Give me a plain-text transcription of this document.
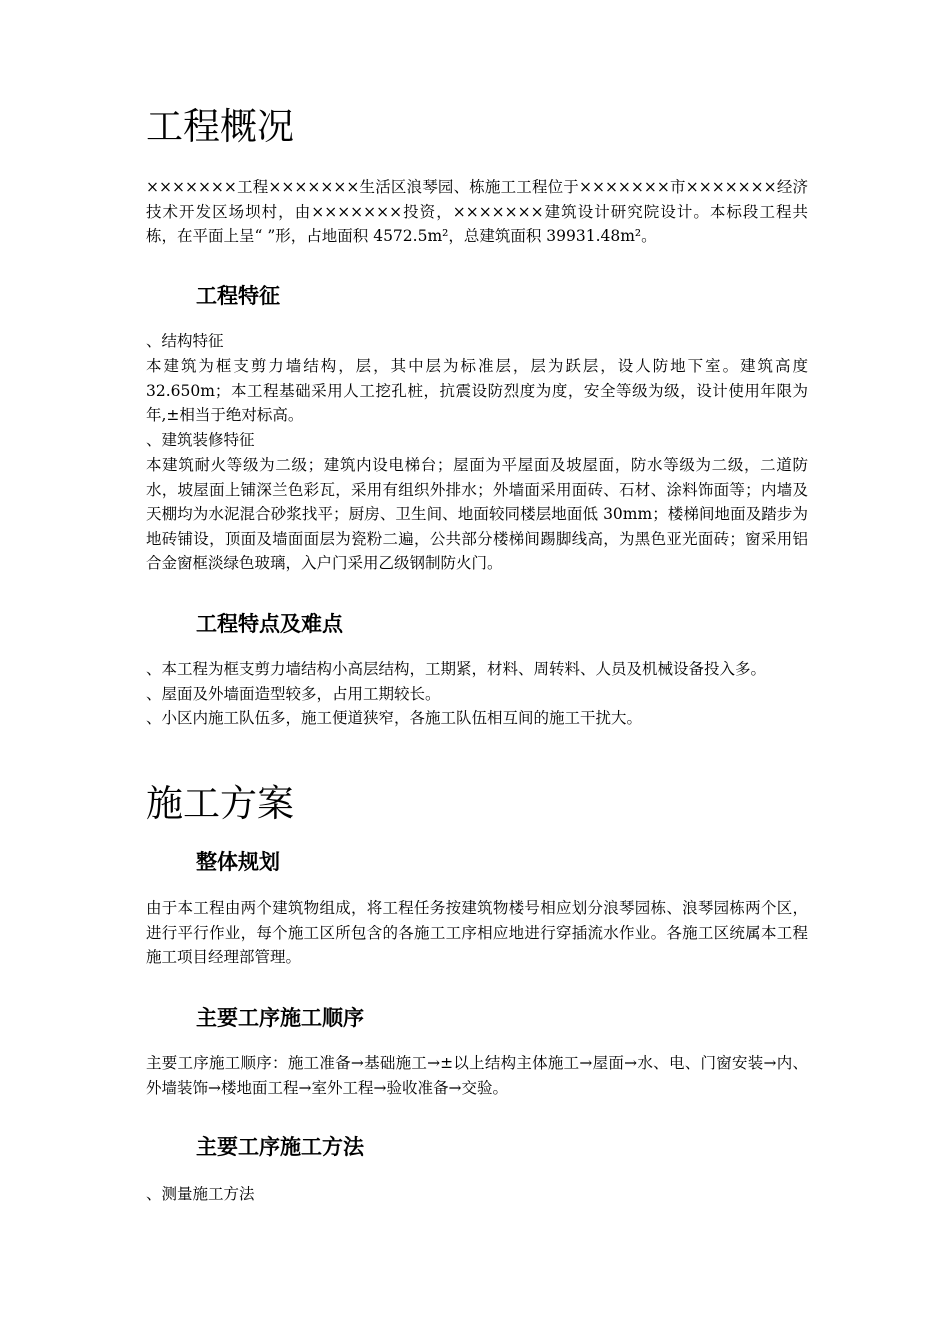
工程概况

×××××××工程×××××××生活区浪琴园、栋施工工程位于×××××××市×××××××经济技术开发区场坝村，由×××××××投资，×××××××建筑设计研究院设计。本标段工程共栋，在平面上呈“ ”形，占地面积 4572.5m²，总建筑面积 39931.48m²。

工程特征

、结构特征

本建筑为框支剪力墙结构，层，其中层为标准层，层为跃层，设人防地下室。建筑高度 32.650m；本工程基础采用人工挖孔桩，抗震设防烈度为度，安全等级为级，设计使用年限为年,±相当于绝对标高。

、建筑装修特征

本建筑耐火等级为二级；建筑内设电梯台；屋面为平屋面及坡屋面，防水等级为二级，二道防水，坡屋面上铺深兰色彩瓦，采用有组织外排水；外墙面采用面砖、石材、涂料饰面等；内墙及天棚均为水泥混合砂浆找平；厨房、卫生间、地面较同楼层地面低 30mm；楼梯间地面及踏步为地砖铺设，顶面及墙面面层为瓷粉二遍，公共部分楼梯间踢脚线高，为黑色亚光面砖；窗采用铝合金窗框淡绿色玻璃，入户门采用乙级钢制防火门。

工程特点及难点

、本工程为框支剪力墙结构小高层结构，工期紧，材料、周转料、人员及机械设备投入多。

、屋面及外墙面造型较多，占用工期较长。

、小区内施工队伍多，施工便道狭窄，各施工队伍相互间的施工干扰大。

施工方案
整体规划

由于本工程由两个建筑物组成，将工程任务按建筑物楼号相应划分浪琴园栋、浪琴园栋两个区，进行平行作业，每个施工区所包含的各施工工序相应地进行穿插流水作业。各施工区统属本工程施工项目经理部管理。

主要工序施工顺序

主要工序施工顺序：施工准备→基础施工→±以上结构主体施工→屋面→水、电、门窗安装→内、外墙装饰→楼地面工程→室外工程→验收准备→交验。

主要工序施工方法

、测量施工方法
